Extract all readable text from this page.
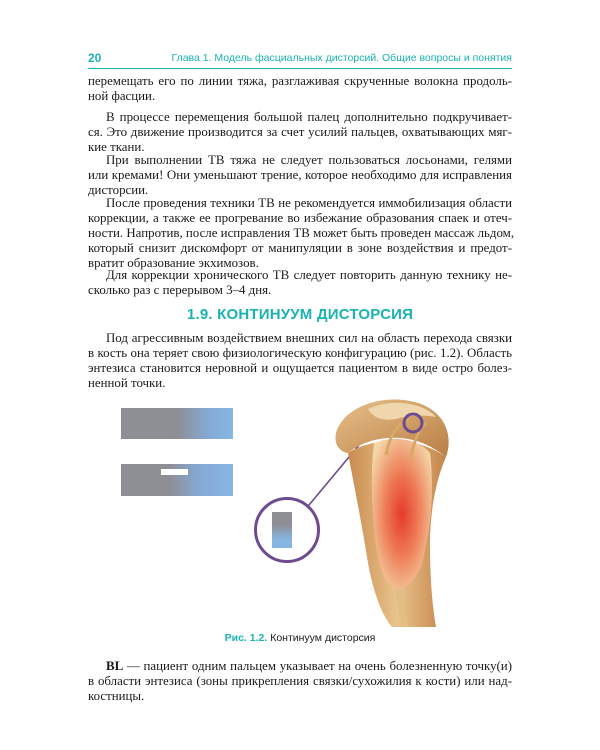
20	Глава 1. Модель фасциальных дисторсий. Общие вопросы и понятия
перемещать его по линии тяжа, разглаживая скрученные волокна продоль-
ной фасции.
В процессе перемещения большой палец дополнительно подкручивает-
ся. Это движение производится за счет усилий пальцев, охватывающих мяг-
кие ткани.
При выполнении ТВ тяжа не следует пользоваться лосьонами, гелями
или кремами! Они уменьшают трение, которое необходимо для исправления
дисторсии.
После проведения техники ТВ не рекомендуется иммобилизация области
коррекции, а также ее прогревание во избежание образования спаек и отеч-
ности. Напротив, после исправления ТВ может быть проведен массаж льдом,
который снизит дискомфорт от манипуляции в зоне воздействия и предот-
вратит образование экхимозов.
Для коррекции хронического ТВ следует повторить данную технику не-
сколько раз с перерывом 3–4 дня.
1.9. КОНТИНУУМ ДИСТОРСИЯ
Под агрессивным воздействием внешних сил на область перехода связки
в кость она теряет свою физиологическую конфигурацию (рис. 1.2). Область
энтезиса становится неровной и ощущается пациентом в виде остро болез-
ненной точки.
Рис. 1.2. Континуум дисторсия
BL — пациент одним пальцем указывает на очень болезненную точку(и)
в области энтезиса (зоны прикрепления связки/сухожилия к кости) или над-
костницы.
